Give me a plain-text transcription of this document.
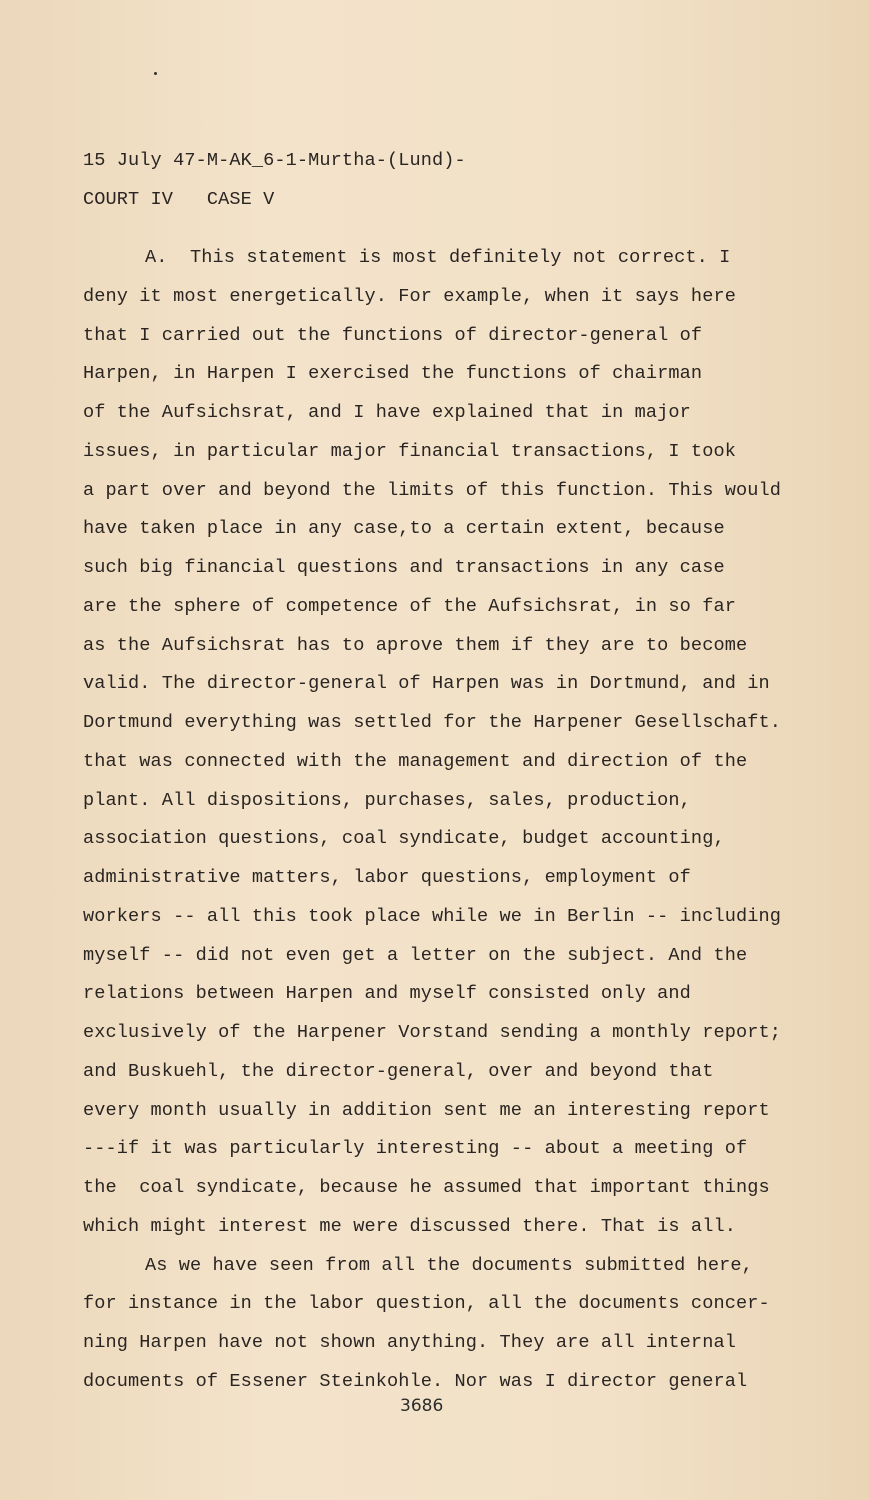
15 July 47-M-AK_6-1-Murtha-(Lund)-
COURT IV   CASE V
A.  This statement is most definitely not correct. I
deny it most energetically. For example, when it says here
that I carried out the functions of director-general of
Harpen, in Harpen I exercised the functions of chairman
of the Aufsichsrat, and I have explained that in major
issues, in particular major financial transactions, I took
a part over and beyond the limits of this function. This would
have taken place in any case,to a certain extent, because
such big financial questions and transactions in any case
are the sphere of competence of the Aufsichsrat, in so far
as the Aufsichsrat has to aprove them if they are to become
valid. The director-general of Harpen was in Dortmund, and in
Dortmund everything was settled for the Harpener Gesellschaft.
that was connected with the management and direction of the
plant. All dispositions, purchases, sales, production,
association questions, coal syndicate, budget accounting,
administrative matters, labor questions, employment of
workers -- all this took place while we in Berlin -- including
myself -- did not even get a letter on the subject. And the
relations between Harpen and myself consisted only and
exclusively of the Harpener Vorstand sending a monthly report;
and Buskuehl, the director-general, over and beyond that
every month usually in addition sent me an interesting report
---if it was particularly interesting -- about a meeting of
the  coal syndicate, because he assumed that important things
which might interest me were discussed there. That is all.
As we have seen from all the documents submitted here,
for instance in the labor question, all the documents concer-
ning Harpen have not shown anything. They are all internal
documents of Essener Steinkohle. Nor was I director general
3686
